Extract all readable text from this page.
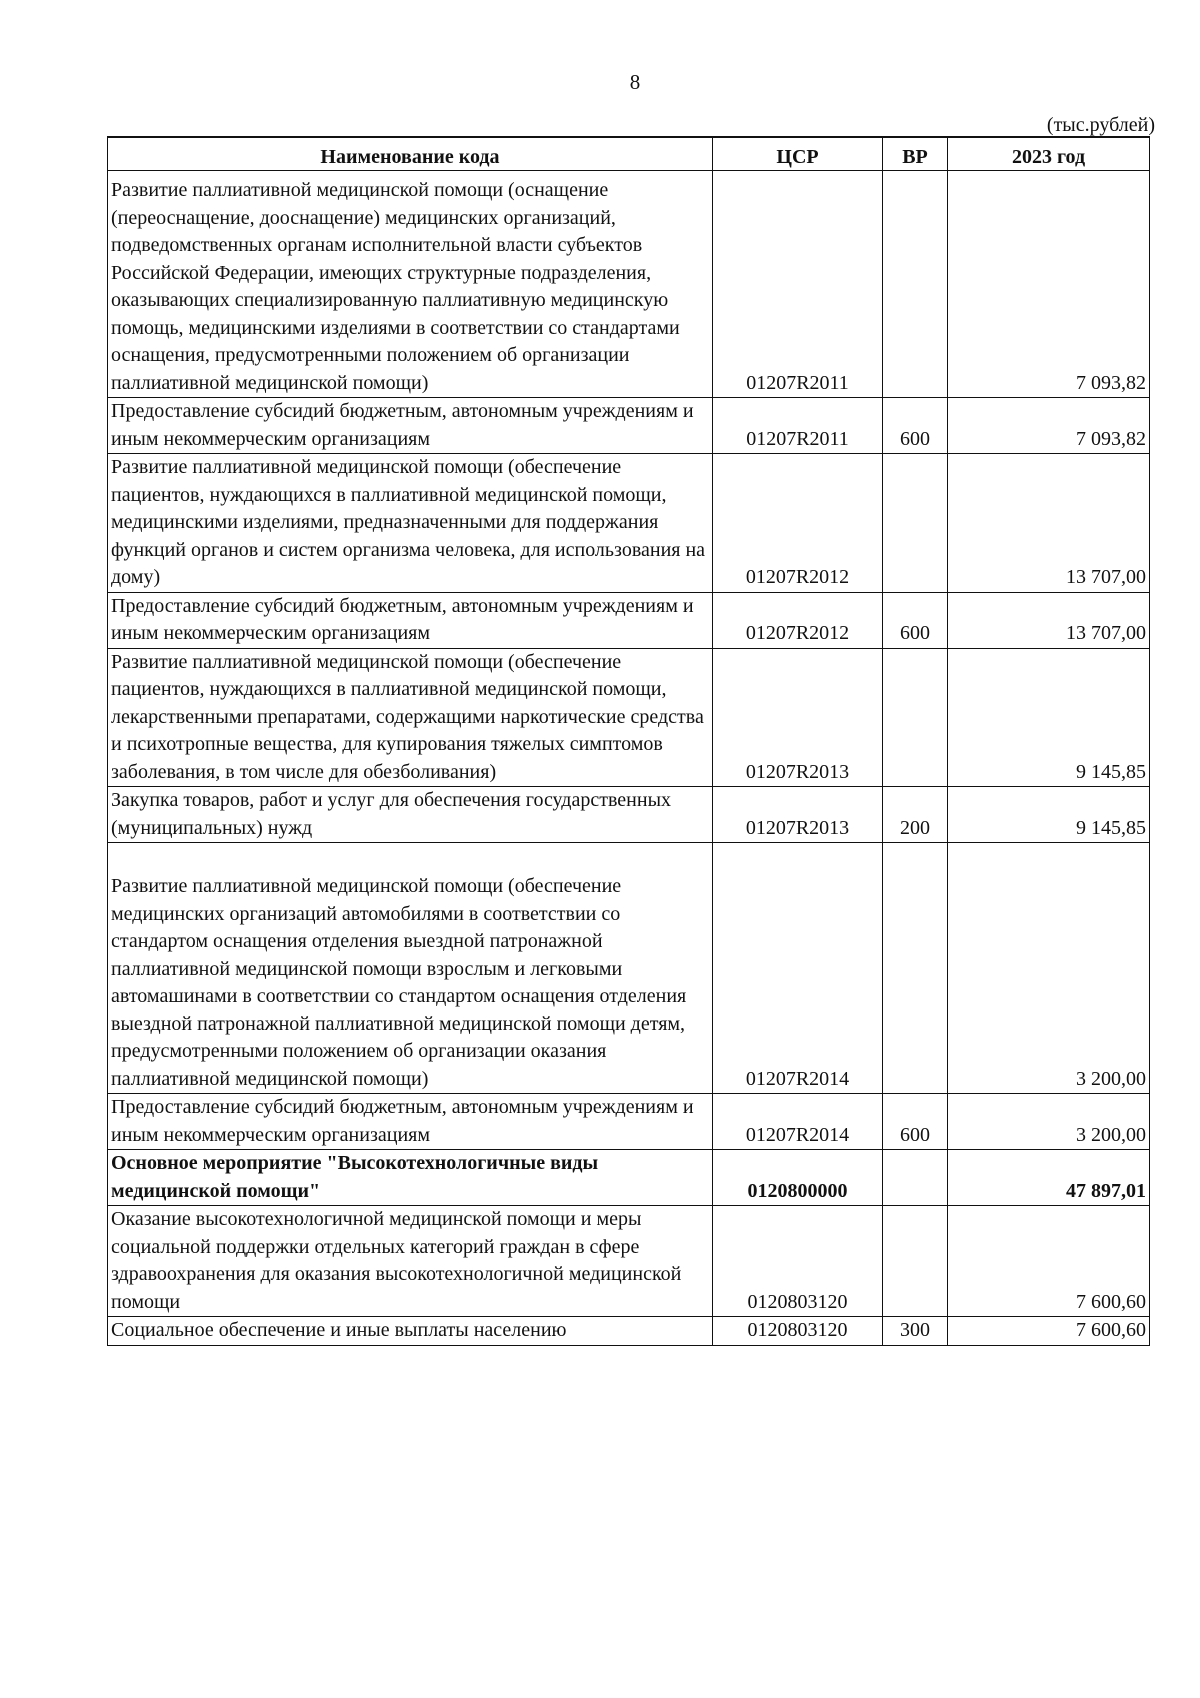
8
(тыс.рублей)
Наименование кода	ЦСР	ВР	2023 год
Развитие паллиативной медицинской помощи (оснащение (переоснащение, дооснащение) медицинских организаций, подведомственных органам исполнительной власти субъектов Российской Федерации, имеющих структурные подразделения, оказывающих специализированную паллиативную медицинскую помощь, медицинскими изделиями в соответствии со стандартами оснащения, предусмотренными положением об организации паллиативной медицинской помощи)	01207R2011		7 093,82
Предоставление субсидий бюджетным, автономным учреждениям и иным некоммерческим организациям	01207R2011	600	7 093,82
Развитие паллиативной медицинской помощи (обеспечение пациентов, нуждающихся в паллиативной медицинской помощи, медицинскими изделиями, предназначенными для поддержания функций органов и систем организма человека, для использования на дому)	01207R2012		13 707,00
Предоставление субсидий бюджетным, автономным учреждениям и иным некоммерческим организациям	01207R2012	600	13 707,00
Развитие паллиативной медицинской помощи (обеспечение пациентов, нуждающихся в паллиативной медицинской помощи, лекарственными препаратами, содержащими наркотические средства и психотропные вещества, для купирования тяжелых симптомов заболевания, в том числе для обезболивания)	01207R2013		9 145,85
Закупка товаров, работ и услуг для обеспечения государственных (муниципальных) нужд	01207R2013	200	9 145,85
Развитие паллиативной медицинской помощи (обеспечение медицинских организаций автомобилями в соответствии со стандартом оснащения отделения выездной патронажной паллиативной медицинской помощи взрослым и легковыми автомашинами в соответствии со стандартом оснащения отделения выездной патронажной паллиативной медицинской помощи детям, предусмотренными положением об организации оказания паллиативной медицинской помощи)	01207R2014		3 200,00
Предоставление субсидий бюджетным, автономным учреждениям и иным некоммерческим организациям	01207R2014	600	3 200,00
Основное мероприятие "Высокотехнологичные виды медицинской помощи"	0120800000		47 897,01
Оказание высокотехнологичной медицинской помощи и меры социальной поддержки отдельных категорий граждан в сфере здравоохранения для оказания высокотехнологичной медицинской помощи	0120803120		7 600,60
Социальное обеспечение и иные выплаты населению	0120803120	300	7 600,60
